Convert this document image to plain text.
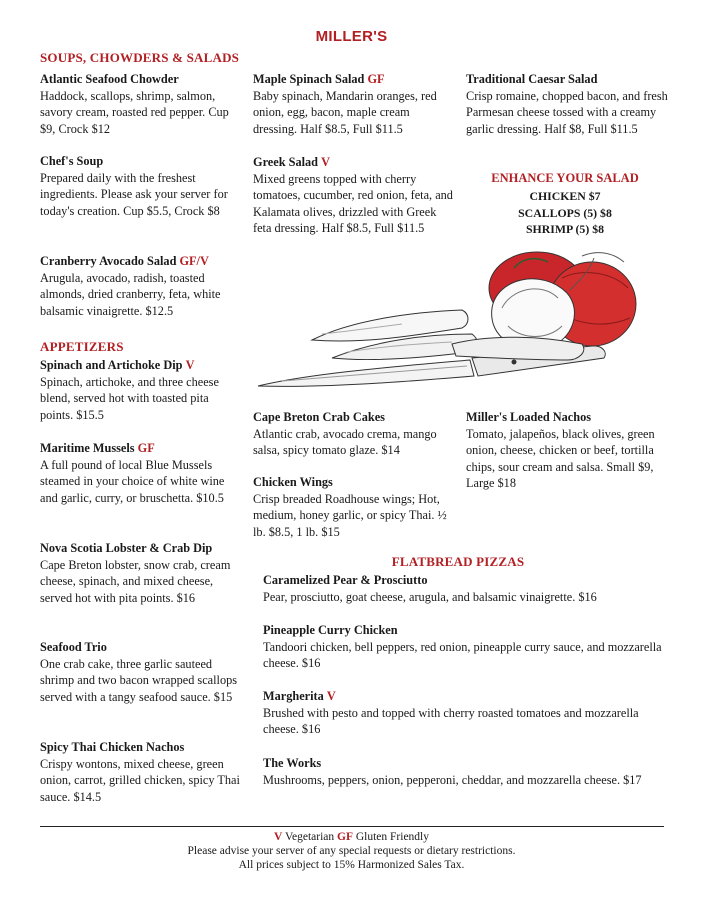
MILLER'S
SOUPS, CHOWDERS & SALADS
Atlantic Seafood Chowder
Haddock, scallops, shrimp, salmon, savory cream, roasted red pepper. Cup $9, Crock $12
Chef's Soup
Prepared daily with the freshest ingredients. Please ask your server for today's creation. Cup $5.5, Crock $8
Cranberry Avocado Salad GF/V
Arugula, avocado, radish, toasted almonds, dried cranberry, feta, white balsamic vinaigrette. $12.5
APPETIZERS
Spinach and Artichoke Dip V
Spinach, artichoke, and three cheese blend, served hot with toasted pita points. $15.5
Maritime Mussels GF
A full pound of local Blue Mussels steamed in your choice of white wine and garlic, curry, or bruschetta. $10.5
Nova Scotia Lobster & Crab Dip
Cape Breton lobster, snow crab, cream cheese, spinach, and mixed cheese, served hot with pita points. $16
Seafood Trio
One crab cake, three garlic sauteed shrimp and two bacon wrapped scallops served with a tangy seafood sauce. $15
Spicy Thai Chicken Nachos
Crispy wontons, mixed cheese, green onion, carrot, grilled chicken, spicy Thai sauce. $14.5
Maple Spinach Salad GF
Baby spinach, Mandarin oranges, red onion, egg, bacon, maple cream dressing. Half $8.5, Full $11.5
Greek Salad V
Mixed greens topped with cherry tomatoes, cucumber, red onion, feta, and Kalamata olives, drizzled with Greek feta dressing. Half $8.5, Full $11.5
Traditional Caesar Salad
Crisp romaine, chopped bacon, and fresh Parmesan cheese tossed with a creamy garlic dressing. Half $8, Full $11.5
ENHANCE YOUR SALAD
CHICKEN $7
SCALLOPS (5) $8
SHRIMP (5) $8
Cape Breton Crab Cakes
Atlantic crab, avocado crema, mango salsa, spicy tomato glaze. $14
Chicken Wings
Crisp breaded Roadhouse wings; Hot, medium, honey garlic, or spicy Thai. ½ lb. $8.5, 1 lb. $15
Miller's Loaded Nachos
Tomato, jalapeños, black olives, green onion, cheese, chicken or beef, tortilla chips, sour cream and salsa. Small $9, Large $18
FLATBREAD PIZZAS
Caramelized Pear & Prosciutto
Pear, prosciutto, goat cheese, arugula, and balsamic vinaigrette. $16
Pineapple Curry Chicken
Tandoori chicken, bell peppers, red onion, pineapple curry sauce, and mozzarella cheese. $16
Margherita V
Brushed with pesto and topped with cherry roasted tomatoes and mozzarella cheese. $16
The Works
Mushrooms, peppers, onion, pepperoni, cheddar, and mozzarella cheese. $17
V Vegetarian GF Gluten Friendly
Please advise your server of any special requests or dietary restrictions.
All prices subject to 15% Harmonized Sales Tax.
